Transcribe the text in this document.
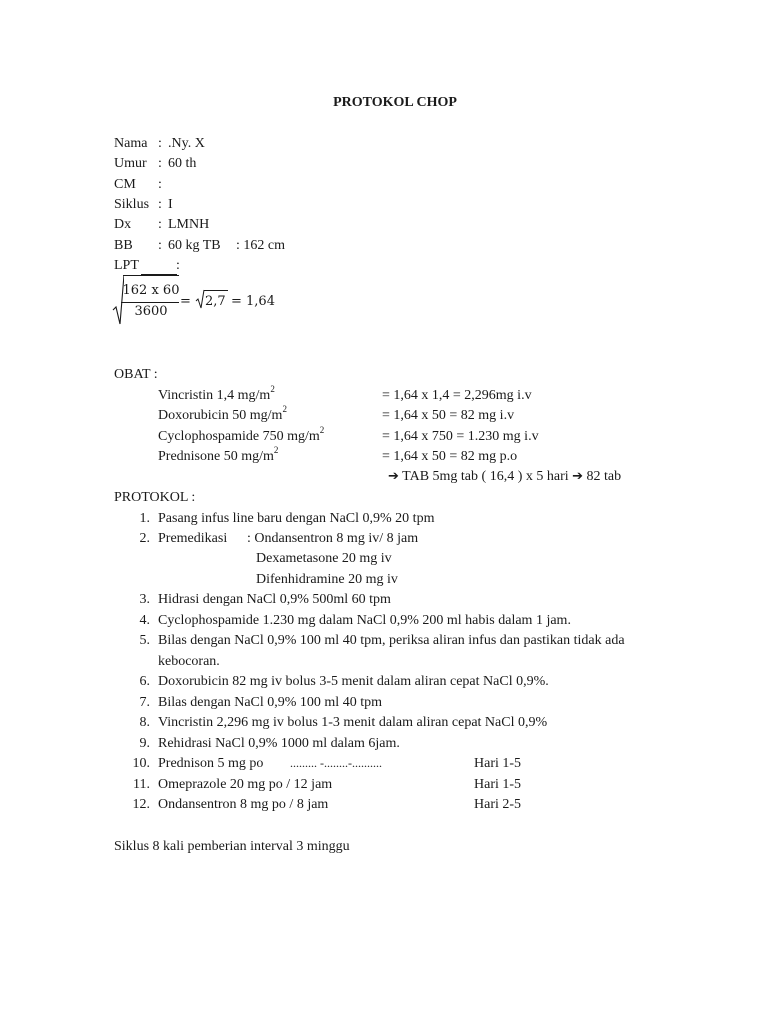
PROTOKOL CHOP
Nama : .Ny. X
Umur : 60 th
CM	:
Siklus : I
Dx	: LMNH
BB	: 60 kg TB : 162 cm
LPT	:
162 x 60
3600
= 2,7 = 1,64
OBAT :
Vincristin 1,4 $mg/m^2$	= 1,64 x 1,4 = 2,296mg i.v
Doxorubicin 50 $mg/m^2$	= 1,64 x 50 = 82 mg i.v
Cyclophospamide 750 $mg/m^2$	= 1,64 x 750 = 1.230 mg i.v
Prednisone 50 $mg/m^2$	= 1,64 x 50 = 82 mg p.o
➔ TAB 5mg tab ( 16,4 ) x 5 hari ➔ 82 tab
PROTOKOL :
1. Pasang infus line baru dengan NaCl 0,9% 20 tpm
2. Premedikasi : Ondansentron 8 mg iv/ 8 jam
Dexametasone 20 mg iv
Difenhidramine 20 mg iv
3. Hidrasi dengan NaCl 0,9% 500ml 60 tpm
4. Cyclophospamide 1.230 mg dalam NaCl 0,9% 200 ml habis dalam 1 jam.
5. Bilas dengan NaCl 0,9% 100 ml 40 tpm, periksa aliran infus dan pastikan tidak ada
kebocoran.
6. Doxorubicin 82 mg iv bolus 3-5 menit dalam aliran cepat NaCl 0,9%.
7. Bilas dengan NaCl 0,9% 100 ml 40 tpm
8. Vincristin 2,296 mg iv bolus 1-3 menit dalam aliran cepat NaCl 0,9%
9. Rehidrasi NaCl 0,9% 1000 ml dalam 6jam.
10. Prednison 5 mg po ......... -........-..........	Hari 1-5
11. Omeprazole 20 mg po / 12 jam	Hari 1-5
12. Ondansentron 8 mg po / 8 jam	Hari 2-5
Siklus 8 kali pemberian interval 3 minggu
